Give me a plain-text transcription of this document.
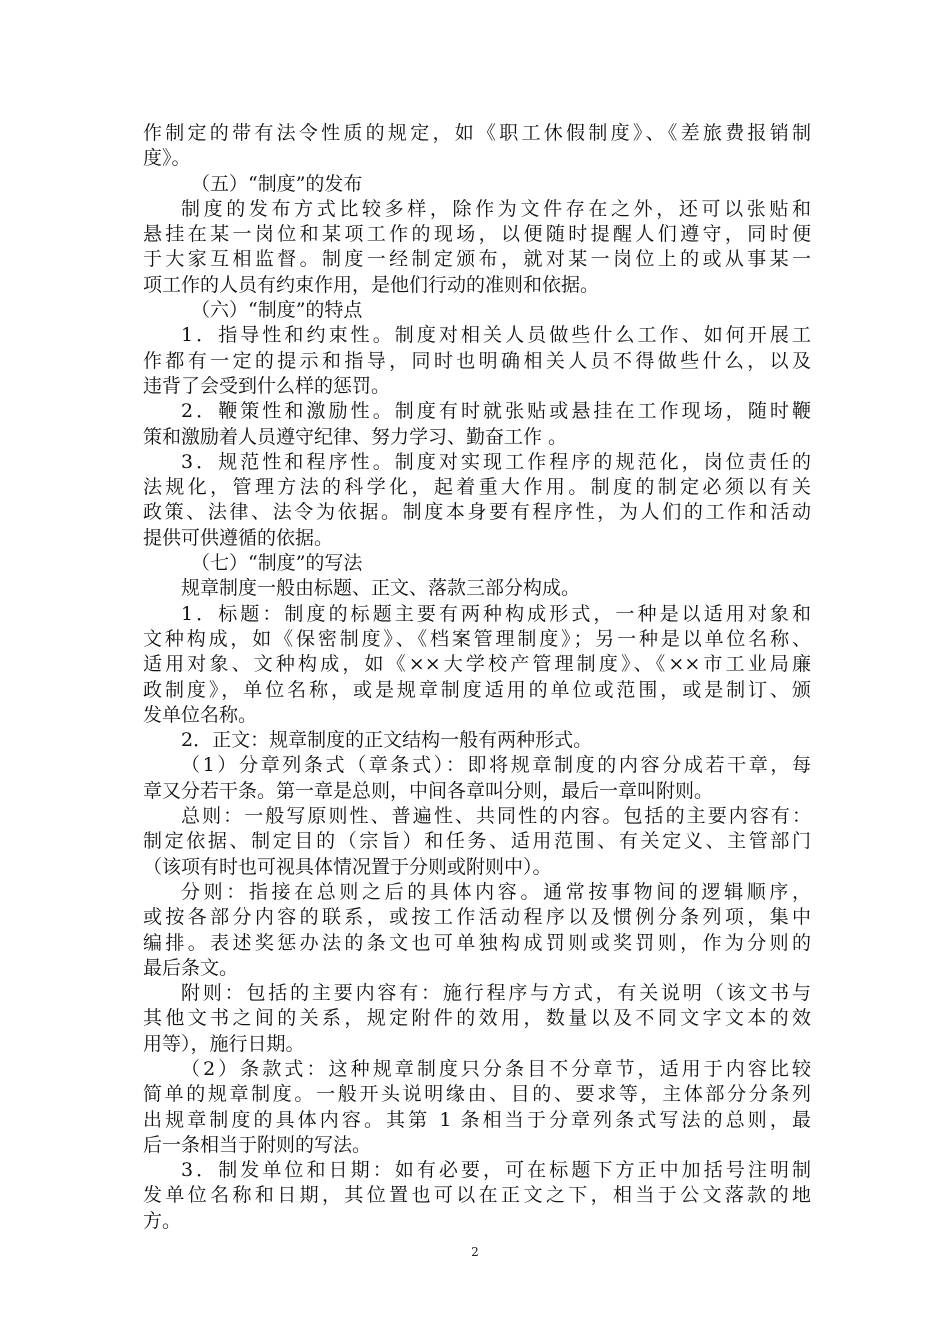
作制定的带有法令性质的规定，如《职工休假制度》、《差旅费报销制
度》。
（五）“制度”的发布
制度的发布方式比较多样，除作为文件存在之外，还可以张贴和
悬挂在某一岗位和某项工作的现场，以便随时提醒人们遵守，同时便
于大家互相监督。制度一经制定颁布，就对某一岗位上的或从事某一
项工作的人员有约束作用，是他们行动的准则和依据。
（六）“制度”的特点
1．指导性和约束性。制度对相关人员做些什么工作、如何开展工
作都有一定的提示和指导，同时也明确相关人员不得做些什么，以及
违背了会受到什么样的惩罚。
2．鞭策性和激励性。制度有时就张贴或悬挂在工作现场，随时鞭
策和激励着人员遵守纪律、努力学习、勤奋工作 。
3．规范性和程序性。制度对实现工作程序的规范化，岗位责任的
法规化，管理方法的科学化，起着重大作用。制度的制定必须以有关
政策、法律、法令为依据。制度本身要有程序性，为人们的工作和活动
提供可供遵循的依据。
（七）“制度”的写法
规章制度一般由标题、正文、落款三部分构成。
1．标题：制度的标题主要有两种构成形式，一种是以适用对象和
文种构成，如《保密制度》、《档案管理制度》；另一种是以单位名称、
适用对象、文种构成，如《××大学校产管理制度》、《××市工业局廉
政制度》，单位名称，或是规章制度适用的单位或范围，或是制订、颁
发单位名称。
2．正文：规章制度的正文结构一般有两种形式。
（1）分章列条式（章条式）：即将规章制度的内容分成若干章，每
章又分若干条。第一章是总则，中间各章叫分则，最后一章叫附则。
总则：一般写原则性、普遍性、共同性的内容。包括的主要内容有：
制定依据、制定目的（宗旨）和任务、适用范围、有关定义、主管部门
（该项有时也可视具体情况置于分则或附则中）。
分则：指接在总则之后的具体内容。通常按事物间的逻辑顺序，
或按各部分内容的联系，或按工作活动程序以及惯例分条列项，集中
编排。表述奖惩办法的条文也可单独构成罚则或奖罚则，作为分则的
最后条文。
附则：包括的主要内容有：施行程序与方式，有关说明（该文书与
其他文书之间的关系，规定附件的效用，数量以及不同文字文本的效
用等），施行日期。
（2）条款式：这种规章制度只分条目不分章节，适用于内容比较
简单的规章制度。一般开头说明缘由、目的、要求等，主体部分分条列
出规章制度的具体内容。其第 1 条相当于分章列条式写法的总则，最
后一条相当于附则的写法。
3．制发单位和日期：如有必要，可在标题下方正中加括号注明制
发单位名称和日期，其位置也可以在正文之下，相当于公文落款的地
方。
2
